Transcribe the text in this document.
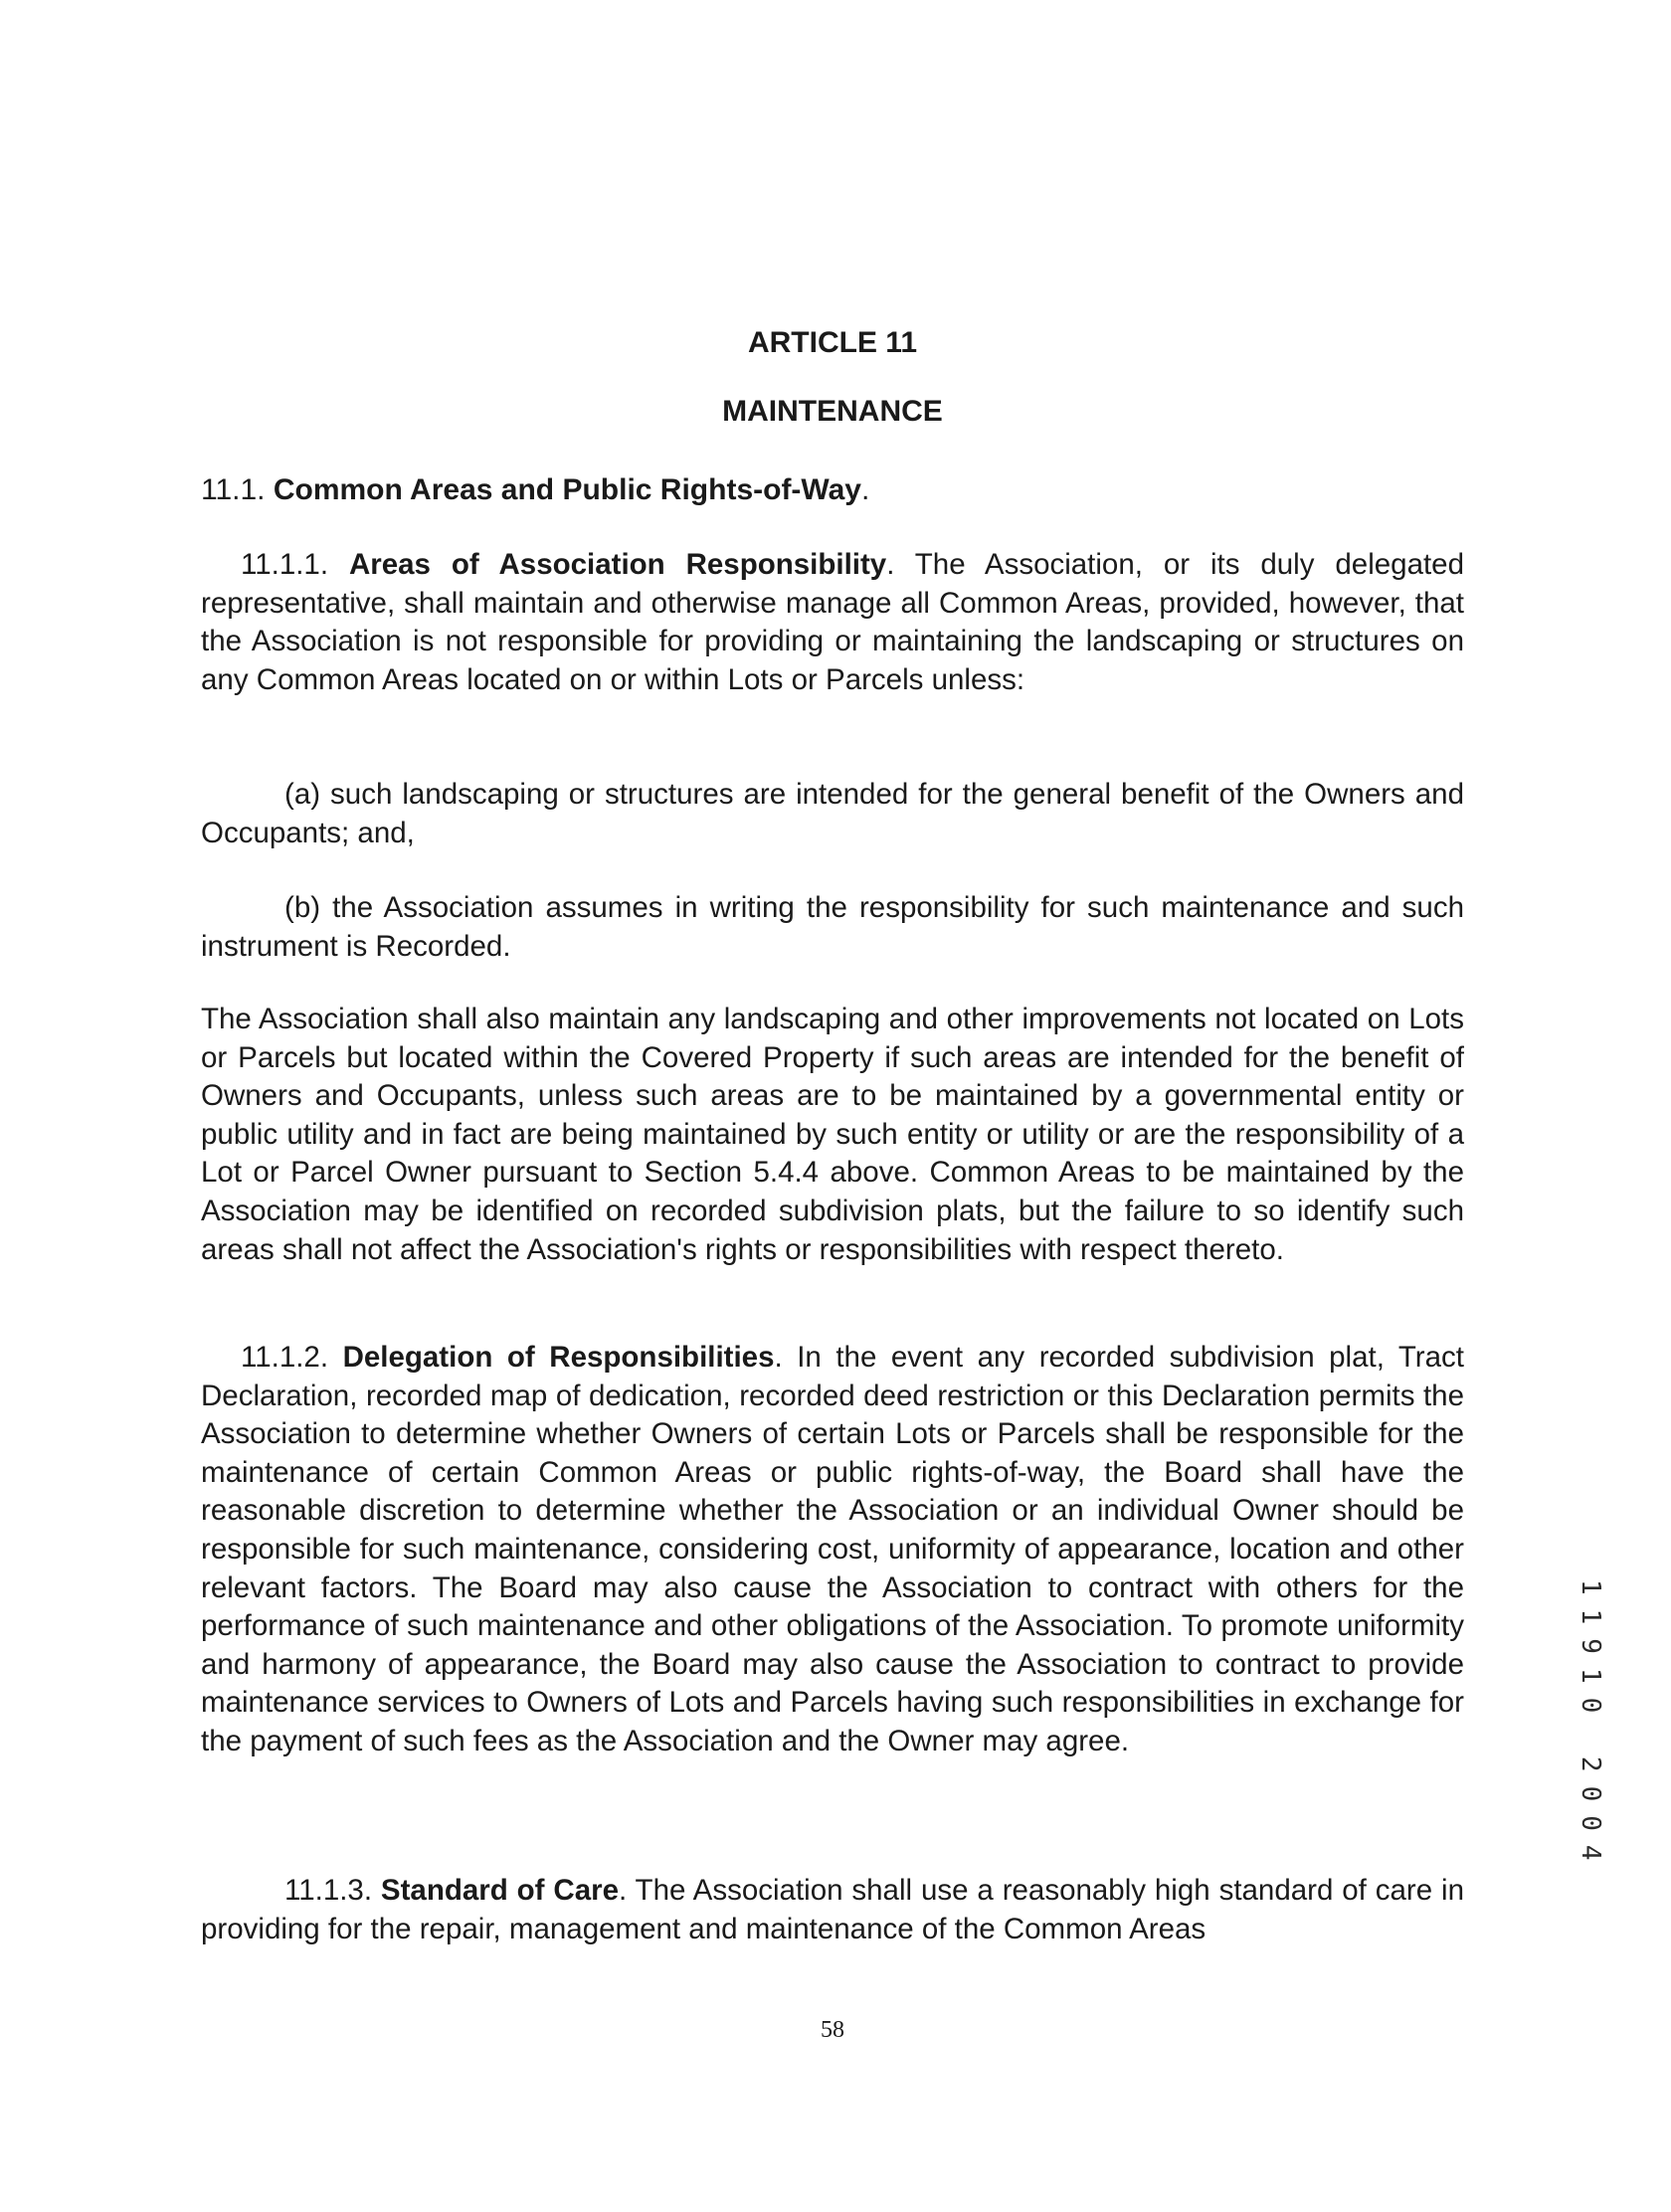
ARTICLE 11
MAINTENANCE

11.1. Common Areas and Public Rights-of-Way.

11.1.1. Areas of Association Responsibility. The Association, or its duly delegated representative, shall maintain and otherwise manage all Common Areas, provided, however, that the Association is not responsible for providing or maintaining the landscaping or structures on any Common Areas located on or within Lots or Parcels unless:

(a) such landscaping or structures are intended for the general benefit of the Owners and Occupants; and,

(b) the Association assumes in writing the responsibility for such maintenance and such instrument is Recorded.

The Association shall also maintain any landscaping and other improvements not located on Lots or Parcels but located within the Covered Property if such areas are intended for the benefit of Owners and Occupants, unless such areas are to be maintained by a governmental entity or public utility and in fact are being maintained by such entity or utility or are the responsibility of a Lot or Parcel Owner pursuant to Section 5.4.4 above. Common Areas to be maintained by the Association may be identified on recorded subdivision plats, but the failure to so identify such areas shall not affect the Association's rights or responsibilities with respect thereto.

11.1.2. Delegation of Responsibilities. In the event any recorded subdivision plat, Tract Declaration, recorded map of dedication, recorded deed restriction or this Declaration permits the Association to determine whether Owners of certain Lots or Parcels shall be responsible for the maintenance of certain Common Areas or public rights-of-way, the Board shall have the reasonable discretion to determine whether the Association or an individual Owner should be responsible for such maintenance, considering cost, uniformity of appearance, location and other relevant factors. The Board may also cause the Association to contract with others for the performance of such maintenance and other obligations of the Association. To promote uniformity and harmony of appearance, the Board may also cause the Association to contract to provide maintenance services to Owners of Lots and Parcels having such responsibilities in exchange for the payment of such fees as the Association and the Owner may agree.

11.1.3. Standard of Care. The Association shall use a reasonably high standard of care in providing for the repair, management and maintenance of the Common Areas

58
11910 2004
